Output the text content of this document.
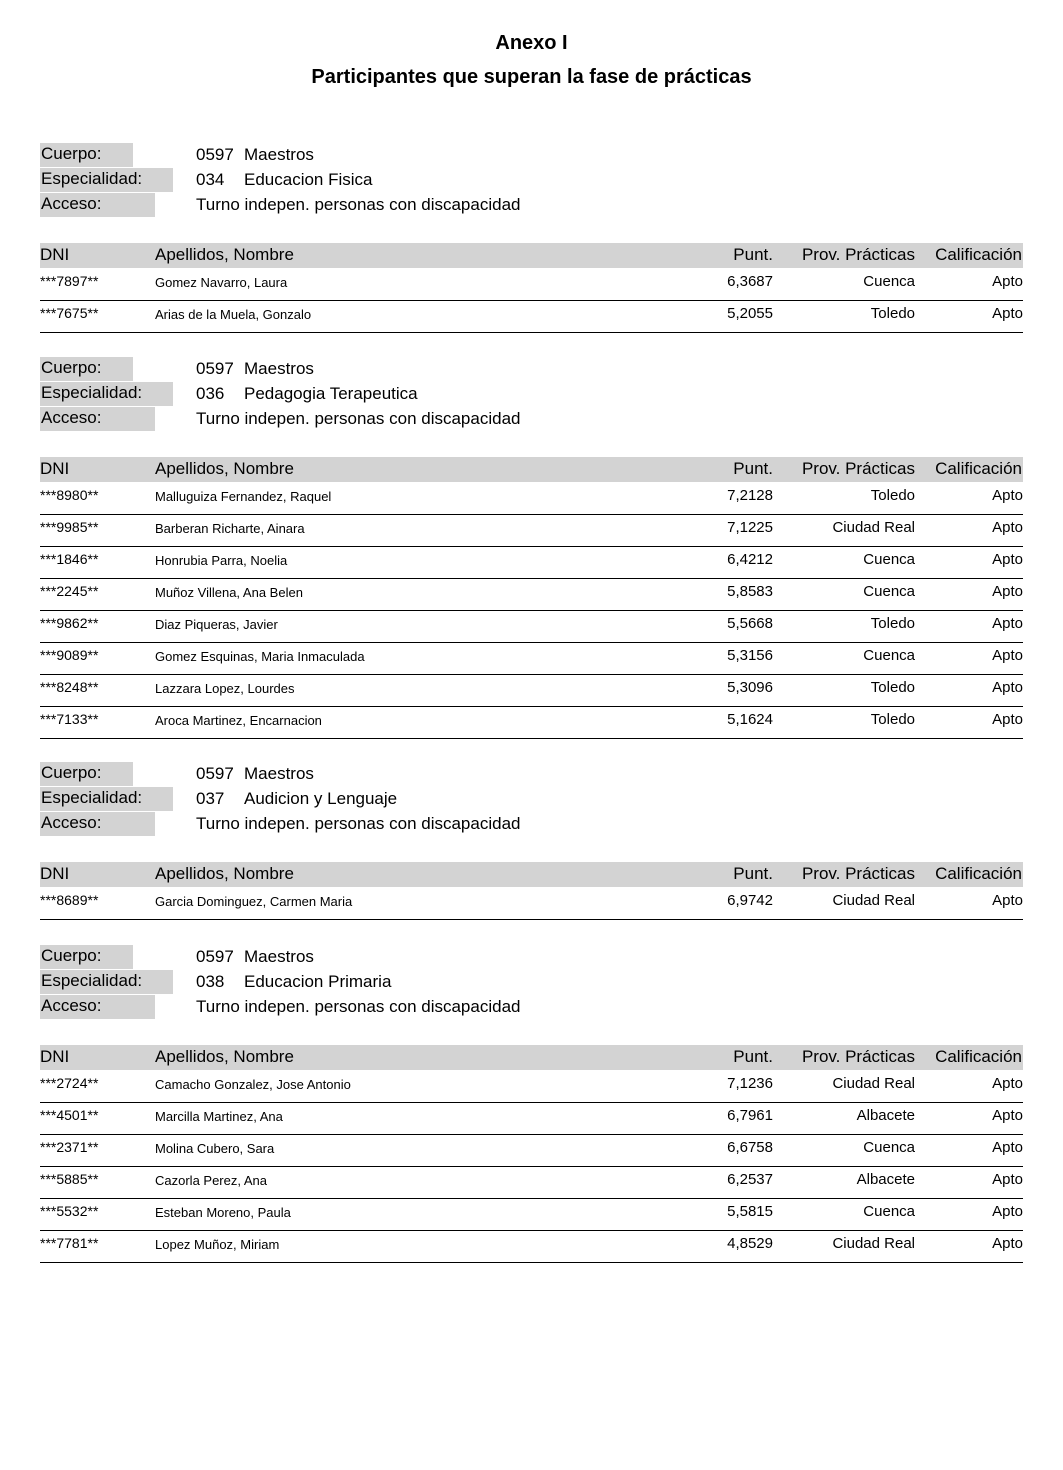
Anexo I
Participantes que superan la fase de prácticas
Cuerpo:	0597 Maestros
Especialidad:	034 Educacion Fisica
Acceso:	Turno indepen. personas con discapacidad
DNI	Apellidos, Nombre	Punt. Prov. Prácticas Calificación
***7897**	Gomez Navarro, Laura	6,3687	Cuenca	Apto
***7675**	Arias de la Muela, Gonzalo	5,2055	Toledo	Apto
Cuerpo:	0597 Maestros
Especialidad:	036 Pedagogia Terapeutica
Acceso:	Turno indepen. personas con discapacidad
DNI	Apellidos, Nombre	Punt. Prov. Prácticas Calificación
***8980**	Malluguiza Fernandez, Raquel	7,2128	Toledo	Apto
***9985**	Barberan Richarte, Ainara	7,1225	Ciudad Real	Apto
***1846**	Honrubia Parra, Noelia	6,4212	Cuenca	Apto
***2245**	Muñoz Villena, Ana Belen	5,8583	Cuenca	Apto
***9862**	Diaz Piqueras, Javier	5,5668	Toledo	Apto
***9089**	Gomez Esquinas, Maria Inmaculada	5,3156	Cuenca	Apto
***8248**	Lazzara Lopez, Lourdes	5,3096	Toledo	Apto
***7133**	Aroca Martinez, Encarnacion	5,1624	Toledo	Apto
Cuerpo:	0597 Maestros
Especialidad:	037 Audicion y Lenguaje
Acceso:	Turno indepen. personas con discapacidad
DNI	Apellidos, Nombre	Punt. Prov. Prácticas Calificación
***8689**	Garcia Dominguez, Carmen Maria	6,9742	Ciudad Real	Apto
Cuerpo:	0597 Maestros
Especialidad:	038 Educacion Primaria
Acceso:	Turno indepen. personas con discapacidad
DNI	Apellidos, Nombre	Punt. Prov. Prácticas Calificación
***2724**	Camacho Gonzalez, Jose Antonio	7,1236	Ciudad Real	Apto
***4501**	Marcilla Martinez, Ana	6,7961	Albacete	Apto
***2371**	Molina Cubero, Sara	6,6758	Cuenca	Apto
***5885**	Cazorla Perez, Ana	6,2537	Albacete	Apto
***5532**	Esteban Moreno, Paula	5,5815	Cuenca	Apto
***7781**	Lopez Muñoz, Miriam	4,8529	Ciudad Real	Apto
